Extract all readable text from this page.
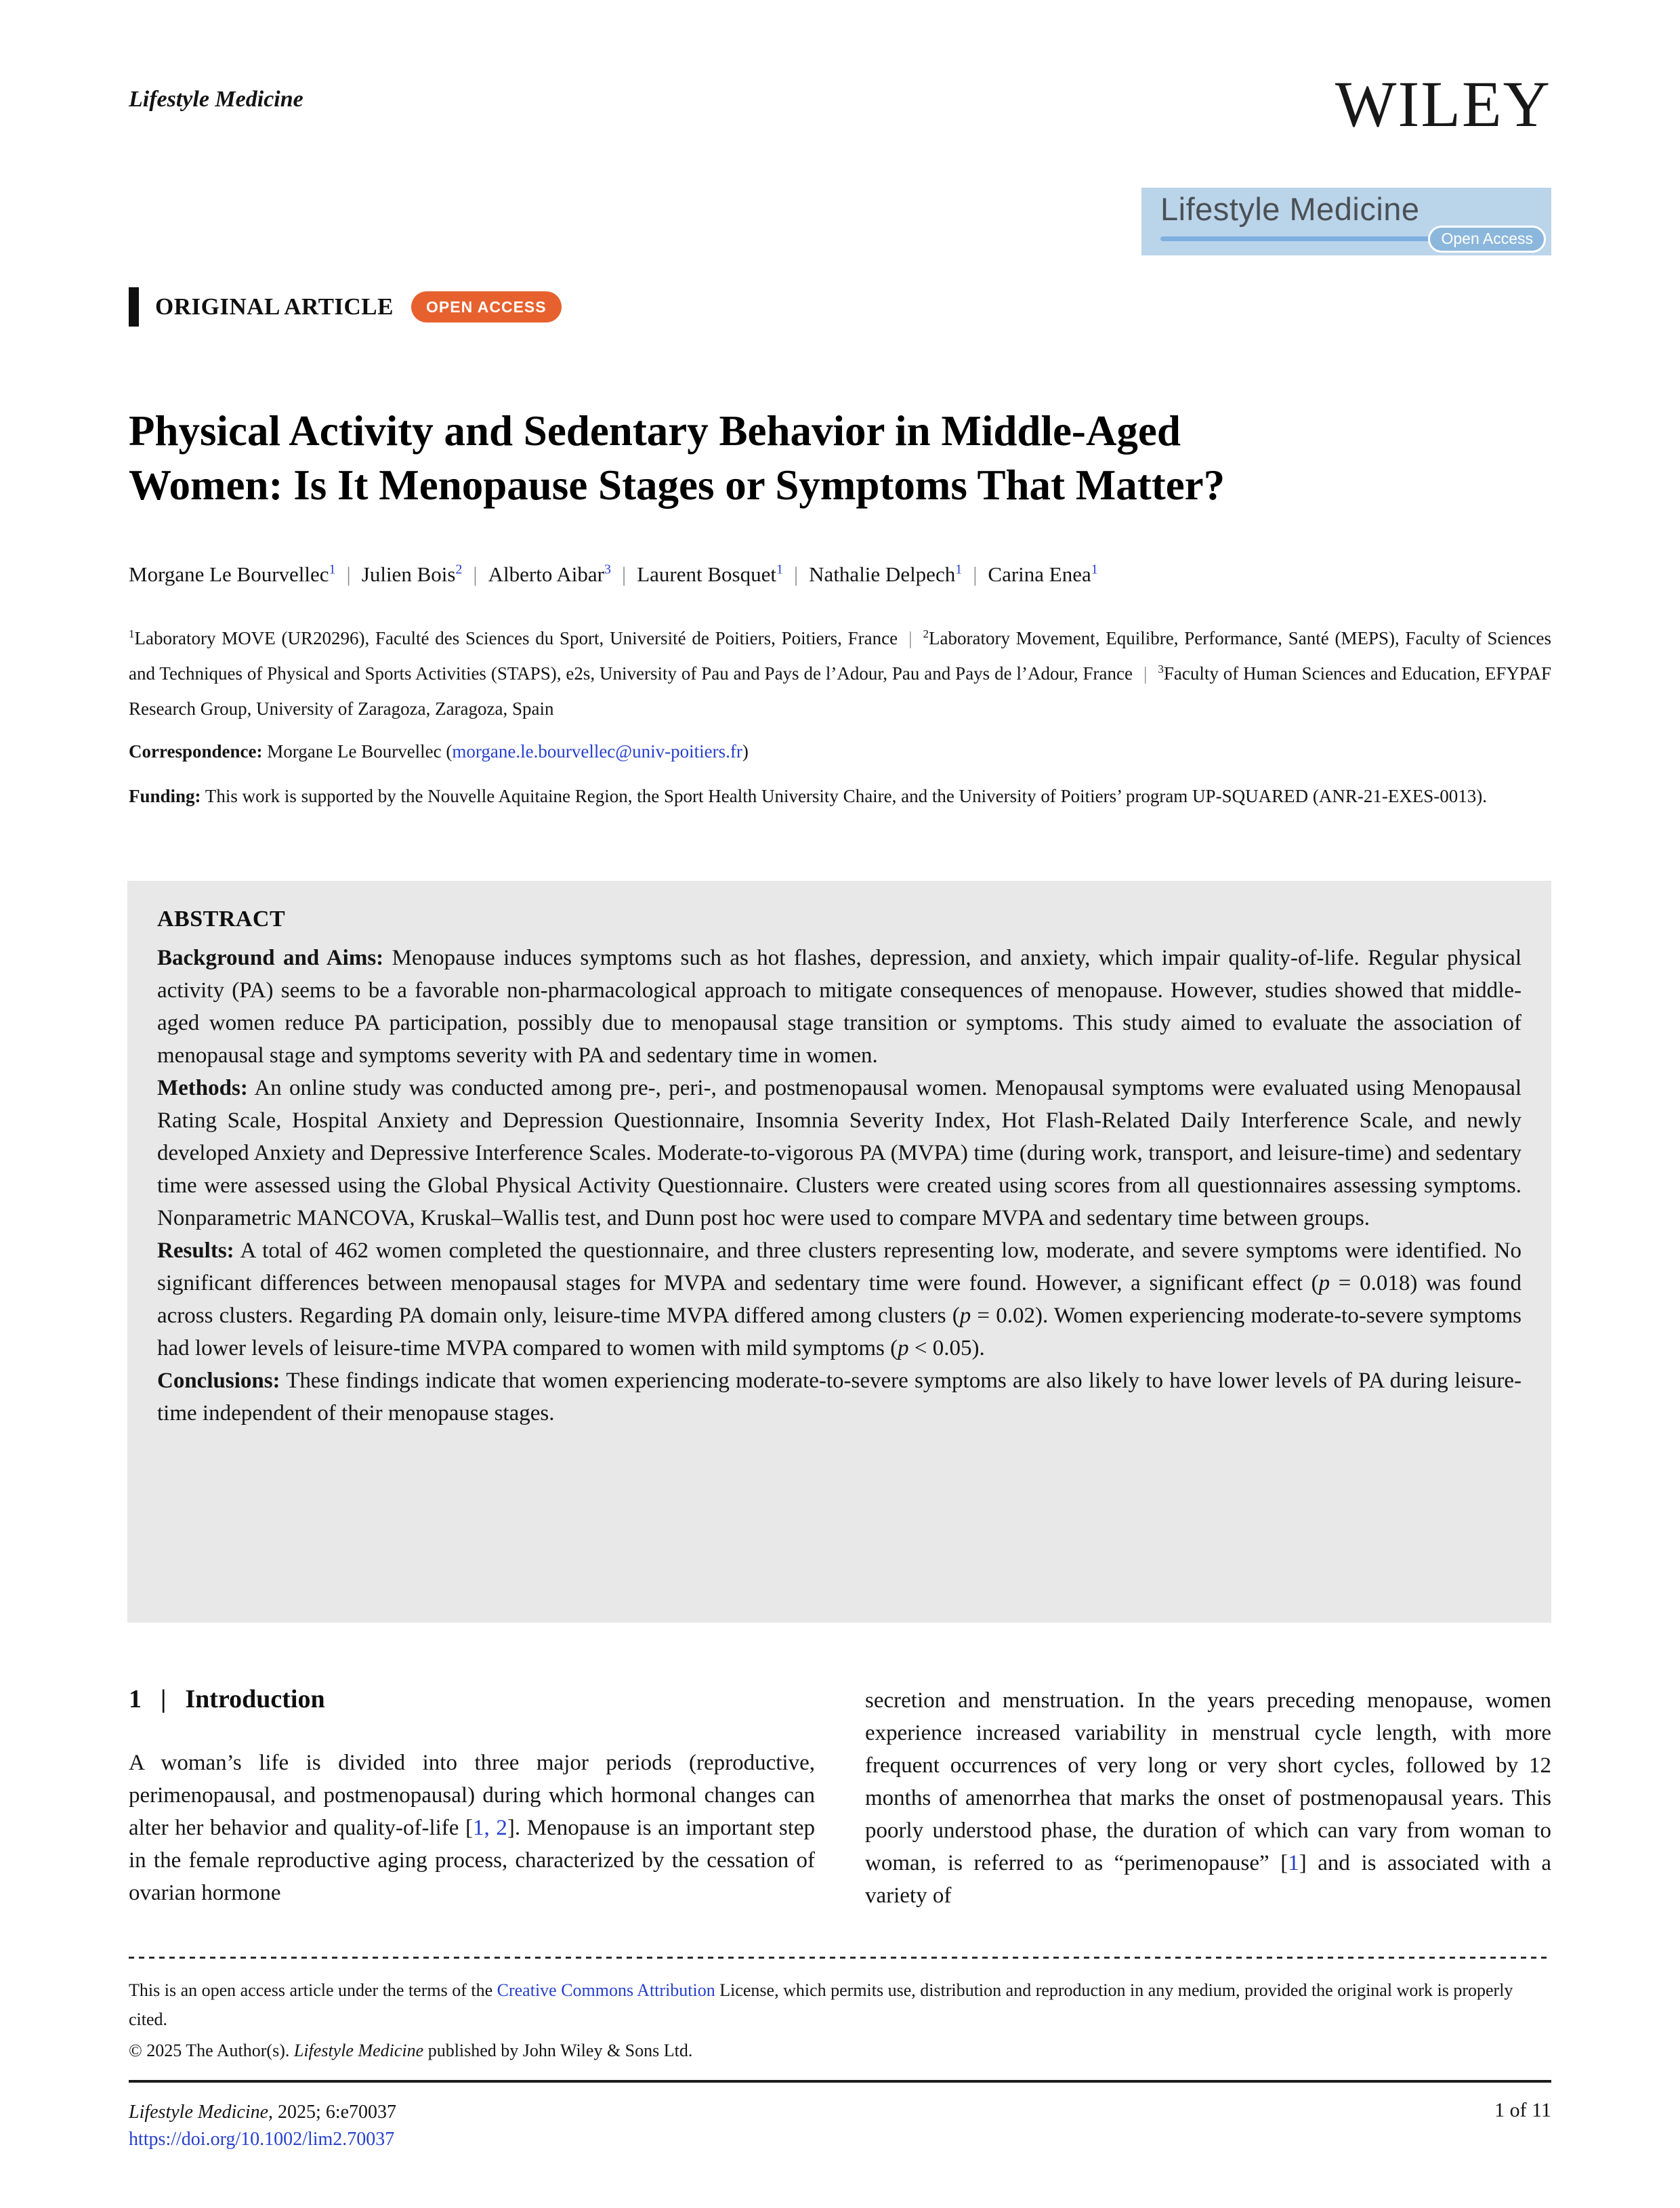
Lifestyle Medicine	WILEY
Lifestyle Medicine
Open Access
ORIGINAL ARTICLE	OPEN ACCESS
Physical Activity and Sedentary Behavior in Middle-Aged
Women: Is It Menopause Stages or Symptoms That Matter?
Morgane Le Bourvellec$^1$ | Julien Bois$^2$ | Alberto Aibar$^3$ | Laurent Bosquet$^1$ | Nathalie Delpech$^1$ | Carina Enea$^1$
$^1$Laboratory MOVE (UR20296), Faculté des Sciences du Sport, Université de Poitiers, Poitiers, France | $^2$Laboratory Movement, Equilibre, Performance, Santé (MEPS), Faculty of Sciences and Techniques of Physical and Sports Activities (STAPS), e2s, University of Pau and Pays de l’Adour, Pau and Pays de l’Adour, France | $^3$Faculty of Human Sciences and Education, EFYPAF Research Group, University of Zaragoza, Zaragoza, Spain
Correspondence: Morgane Le Bourvellec (morgane.le.bourvellec@univ-poitiers.fr)
Funding: This work is supported by the Nouvelle Aquitaine Region, the Sport Health University Chaire, and the University of Poitiers’ program UP-SQUARED (ANR-21-EXES-0013).
ABSTRACT

Background and Aims: Menopause induces symptoms such as hot flashes, depression, and anxiety, which impair quality-of-life. Regular physical activity (PA) seems to be a favorable non-pharmacological approach to mitigate consequences of menopause. However, studies showed that middle-aged women reduce PA participation, possibly due to menopausal stage transition or symptoms. This study aimed to evaluate the association of menopausal stage and symptoms severity with PA and sedentary time in women.

Methods: An online study was conducted among pre-, peri-, and postmenopausal women. Menopausal symptoms were evaluated using Menopausal Rating Scale, Hospital Anxiety and Depression Questionnaire, Insomnia Severity Index, Hot Flash-Related Daily Interference Scale, and newly developed Anxiety and Depressive Interference Scales. Moderate-to-vigorous PA (MVPA) time (during work, transport, and leisure-time) and sedentary time were assessed using the Global Physical Activity Questionnaire. Clusters were created using scores from all questionnaires assessing symptoms. Nonparametric MANCOVA, Kruskal–Wallis test, and Dunn post hoc were used to compare MVPA and sedentary time between groups.

Results: A total of 462 women completed the questionnaire, and three clusters representing low, moderate, and severe symptoms were identified. No significant differences between menopausal stages for MVPA and sedentary time were found. However, a significant effect (p = 0.018) was found across clusters. Regarding PA domain only, leisure-time MVPA differed among clusters (p = 0.02). Women experiencing moderate-to-severe symptoms had lower levels of leisure-time MVPA compared to women with mild symptoms (p < 0.05).

Conclusions: These findings indicate that women experiencing moderate-to-severe symptoms are also likely to have lower levels of PA during leisure-time independent of their menopause stages.

1 | Introduction
A woman’s life is divided into three major periods (reproductive, perimenopausal, and postmenopausal) during which hormonal changes can alter her behavior and quality-of-life [1, 2]. Menopause is an important step in the female reproductive aging process, characterized by the cessation of ovarian hormone
secretion and menstruation. In the years preceding menopause, women experience increased variability in menstrual cycle length, with more frequent occurrences of very long or very short cycles, followed by 12 months of amenorrhea that marks the onset of postmenopausal years. This poorly understood phase, the duration of which can vary from woman to woman, is referred to as “perimenopause” [1] and is associated with a variety of
This is an open access article under the terms of the Creative Commons Attribution License, which permits use, distribution and reproduction in any medium, provided the original work is properly cited.
© 2025 The Author(s). Lifestyle Medicine published by John Wiley & Sons Ltd.
Lifestyle Medicine, 2025; 6:e70037
https://doi.org/10.1002/lim2.70037
1 of 11
